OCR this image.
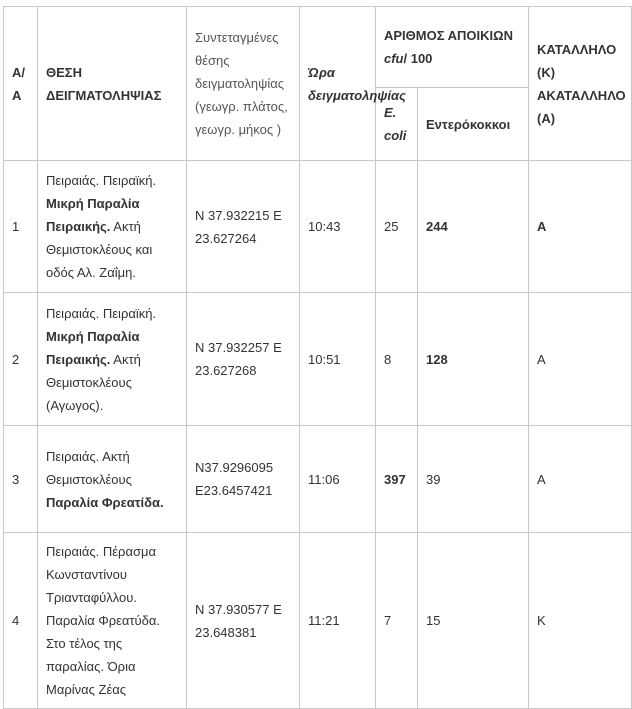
Α/Α	ΘΕΣΗ ΔΕΙΓΜΑΤΟΛΗΨΙΑΣ	Συντεταγμένες θέσης δειγματοληψίας (γεωγρ. πλάτος, γεωγρ. μήκος )	Ώρα δειγματοληψίας	ΑΡΙΘΜΟΣ ΑΠΟΙΚΙΩΝ cfu/ 100		ΚΑΤΑΛΛΗΛΟ (Κ) ΑΚΑΤΑΛΛΗΛΟ (Α)
				E. coli	Εντερόκοκκοι	
1	Πειραιάς. Πειραϊκή. Μικρή Παραλία Πειραικής. Ακτή Θεμιστοκλέους και οδός Αλ. Ζαΐμη.	N 37.932215 E 23.627264	10:43	25	244	A
2	Πειραιάς. Πειραϊκή. Μικρή Παραλία Πειραικής. Ακτή Θεμιστοκλέους (Αγωγος).	N 37.932257 E 23.627268	10:51	8	128	A
3	Πειραιάς. Ακτή Θεμιστοκλέους Παραλία Φρεατίδα.	N37.9296095 E23.6457421	11:06	397	39	A
4	Πειραιάς. Πέρασμα Κωνσταντίνου Τριανταφύλλου. Παραλία Φρεατύδα. Στο τέλος της παραλίας. Όρια Μαρίνας Ζέας	N 37.930577 E 23.648381	11:21	7	15	K
